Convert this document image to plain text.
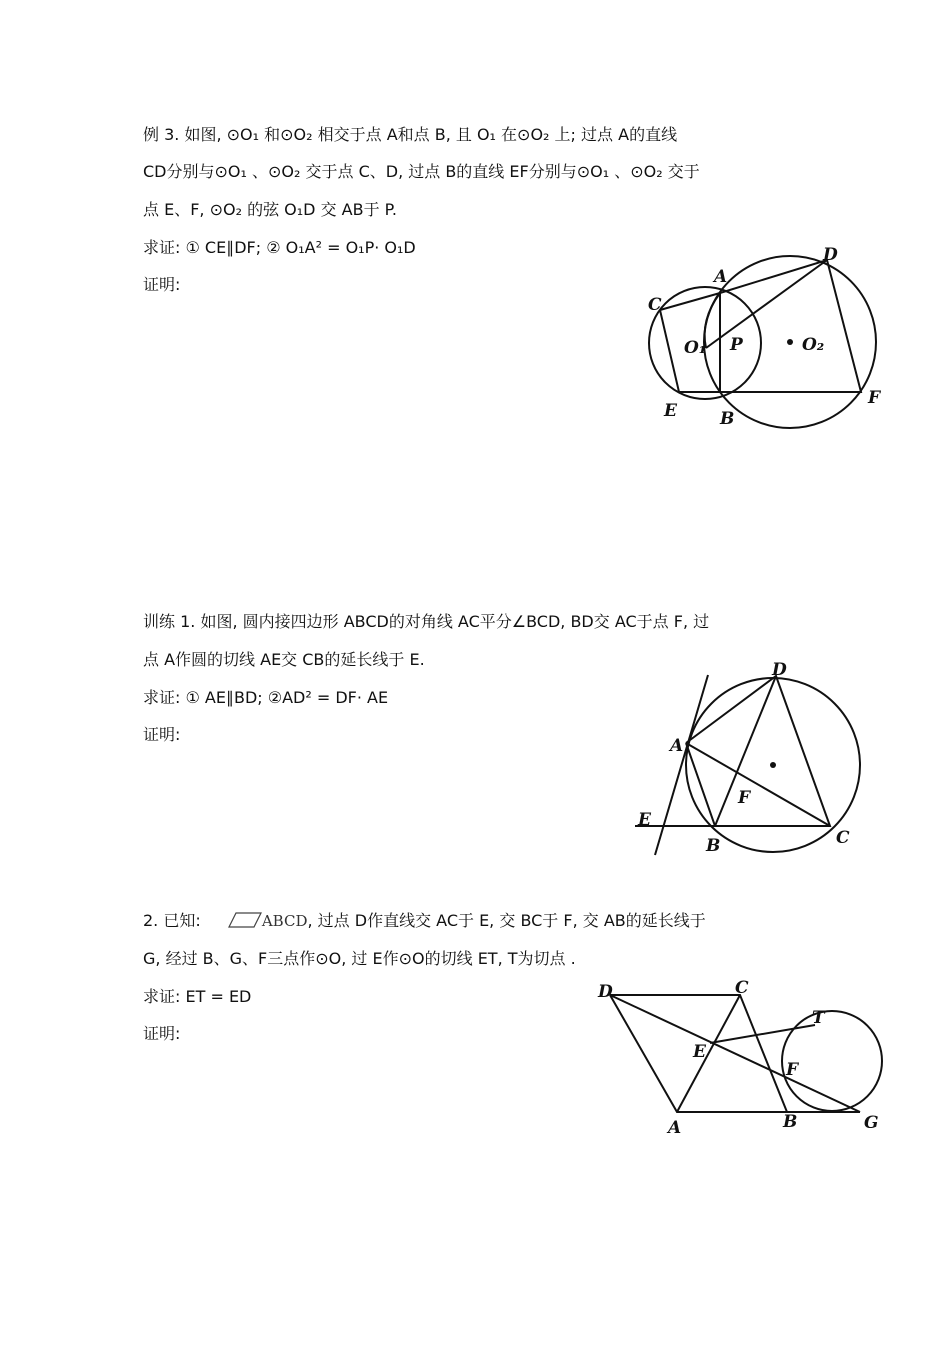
例 3. 如图, ⊙O₁ 和⊙O₂ 相交于点 A和点 B, 且 O₁ 在⊙O₂ 上; 过点 A的直线
CD分别与⊙O₁ 、⊙O₂ 交于点 C、D, 过点 B的直线 EF分别与⊙O₁ 、⊙O₂ 交于
点 E、F, ⊙O₂ 的弦 O₁D 交 AB于 P.
求证: ① CE∥DF; ② O₁A² = O₁P· O₁D
证明:	A
B
C
D
E
F
O₁ P	O₂
训练 1. 如图, 圆内接四边形 ABCD的对角线 AC平分∠BCD, BD交 AC于点 F, 过
点 A作圆的切线 AE交 CB的延长线于 E.
求证: ① AE∥BD; ②AD² = DF· AE
证明:
A
B	C
D
E
F
2. 已知:	ABCD, 过点 D作直线交 AC于 E, 交 BC于 F, 交 AB的延长线于
G, 经过 B、G、F三点作⊙O, 过 E作⊙O的切线 ET, T为切点 .
求证: ET = ED
证明:
D	C
T
E
F
B	G
A
